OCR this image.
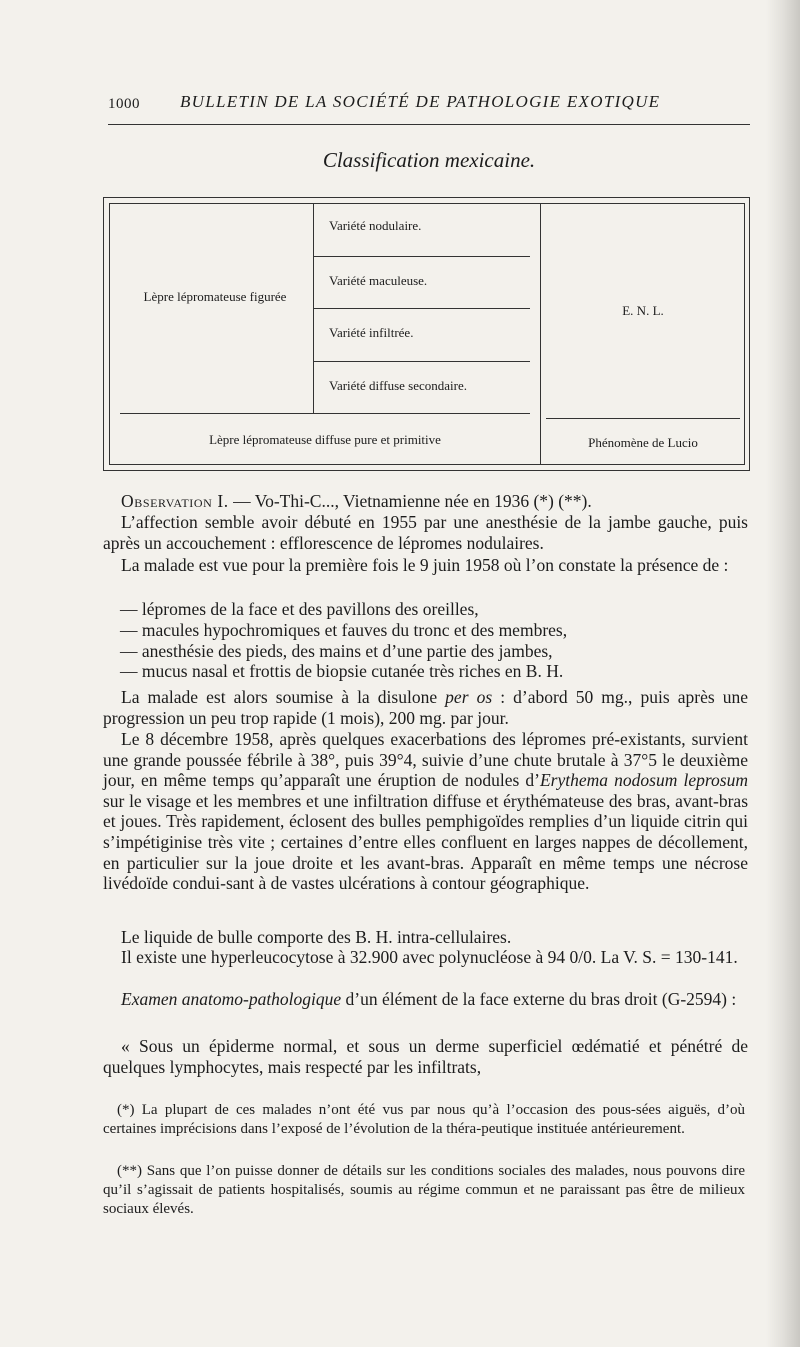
1000 BULLETIN DE LA SOCIÉTÉ DE PATHOLOGIE EXOTIQUE
Classification mexicaine.
Lèpre lépromateuse figurée
Variété nodulaire.
Variété maculeuse.
Variété infiltrée.
Variété diffuse secondaire.
E. N. L.
Lèpre lépromateuse diffuse pure et primitive	Phénomène de Lucio
Observation I. — Vo-Thi-C..., Vietnamienne née en 1936 (*) (**).
L’affection semble avoir débuté en 1955 par une anesthésie de la jambe gauche, puis après un accouchement : efflorescence de lépromes nodulaires.
La malade est vue pour la première fois le 9 juin 1958 où l’on constate la présence de :
— lépromes de la face et des pavillons des oreilles,
— macules hypochromiques et fauves du tronc et des membres,
— anesthésie des pieds, des mains et d’une partie des jambes,
— mucus nasal et frottis de biopsie cutanée très riches en B. H.
La malade est alors soumise à la disulone per os : d’abord 50 mg., puis après une progression un peu trop rapide (1 mois), 200 mg. par jour.
Le 8 décembre 1958, après quelques exacerbations des lépromes pré-existants, survient une grande poussée fébrile à 38°, puis 39°4, suivie d’une chute brutale à 37°5 le deuxième jour, en même temps qu’apparaît une éruption de nodules d’Erythema nodosum leprosum sur le visage et les membres et une infiltration diffuse et érythémateuse des bras, avant-bras et joues. Très rapidement, éclosent des bulles pemphigoïdes remplies d’un liquide citrin qui s’impétiginise très vite ; certaines d’entre elles confluent en larges nappes de décollement, en particulier sur la joue droite et les avant-bras. Apparaît en même temps une nécrose livédoïde condui-sant à de vastes ulcérations à contour géographique.
Le liquide de bulle comporte des B. H. intra-cellulaires.
Il existe une hyperleucocytose à 32.900 avec polynucléose à 94 0/0. La V. S. = 130-141.
Examen anatomo-pathologique d’un élément de la face externe du bras droit (G-2594) :
« Sous un épiderme normal, et sous un derme superficiel œdématié et pénétré de quelques lymphocytes, mais respecté par les infiltrats,
(*) La plupart de ces malades n’ont été vus par nous qu’à l’occasion des pous-sées aiguës, d’où certaines imprécisions dans l’exposé de l’évolution de la théra-peutique instituée antérieurement.
(**) Sans que l’on puisse donner de détails sur les conditions sociales des malades, nous pouvons dire qu’il s’agissait de patients hospitalisés, soumis au régime commun et ne paraissant pas être de milieux sociaux élevés.
